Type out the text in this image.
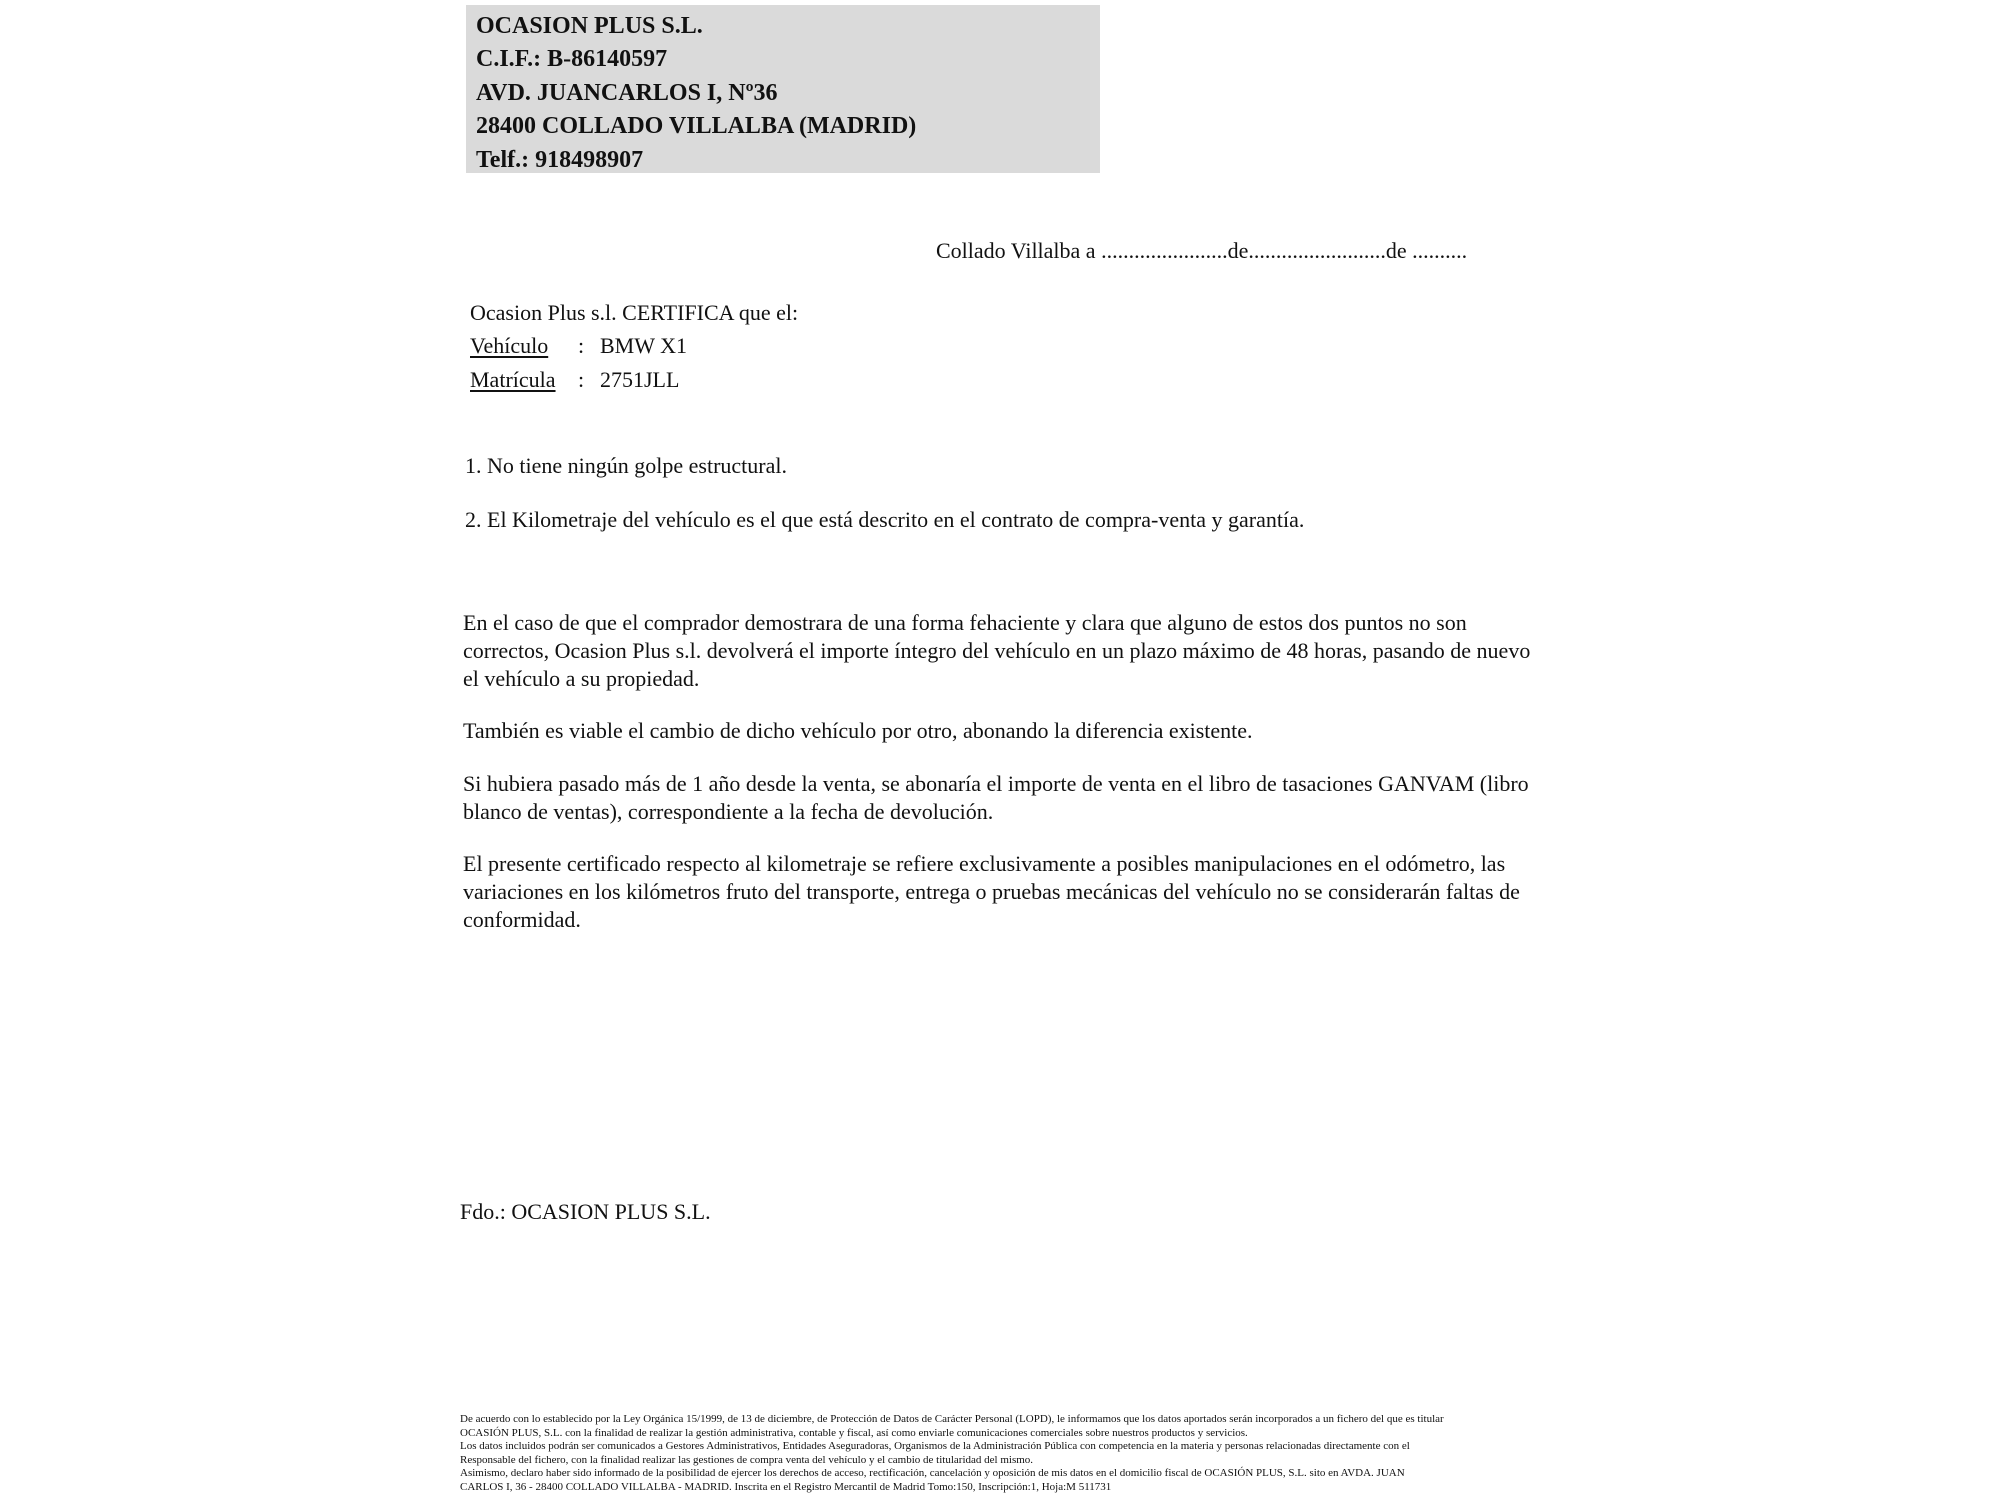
OCASION PLUS S.L.
C.I.F.: B-86140597
AVD. JUANCARLOS I, Nº36
28400 COLLADO VILLALBA (MADRID)
Telf.: 918498907
Collado Villalba a .......................de.........................de ..........
Ocasion Plus s.l. CERTIFICA que el:
Vehículo	: BMW X1
Matrícula	: 2751JLL
1. No tiene ningún golpe estructural.
2. El Kilometraje del vehículo es el que está descrito en el contrato de compra-venta y garantía.
En el caso de que el comprador demostrara de una forma fehaciente y clara que alguno de estos dos puntos no son correctos, Ocasion Plus s.l. devolverá el importe íntegro del vehículo en un plazo máximo de 48 horas, pasando de nuevo el vehículo a su propiedad.
También es viable el cambio de dicho vehículo por otro, abonando la diferencia existente.
Si hubiera pasado más de 1 año desde la venta, se abonaría el importe de venta en el libro de tasaciones GANVAM (libro blanco de ventas), correspondiente a la fecha de devolución.
El presente certificado respecto al kilometraje se refiere exclusivamente a posibles manipulaciones en el odómetro, las variaciones en los kilómetros fruto del transporte, entrega o pruebas mecánicas del vehículo no se considerarán faltas de conformidad.
Fdo.: OCASION PLUS S.L.
De acuerdo con lo establecido por la Ley Orgánica 15/1999, de 13 de diciembre, de Protección de Datos de Carácter Personal (LOPD), le informamos que los datos aportados serán incorporados a un fichero del que es titular
OCASIÓN PLUS, S.L. con la finalidad de realizar la gestión administrativa, contable y fiscal, así como enviarle comunicaciones comerciales sobre nuestros productos y servicios.
Los datos incluidos podrán ser comunicados a Gestores Administrativos, Entidades Aseguradoras, Organismos de la Administración Pública con competencia en la materia y personas relacionadas directamente con el
Responsable del fichero, con la finalidad realizar las gestiones de compra venta del vehículo y el cambio de titularidad del mismo.
Asimismo, declaro haber sido informado de la posibilidad de ejercer los derechos de acceso, rectificación, cancelación y oposición de mis datos en el domicilio fiscal de OCASIÓN PLUS, S.L. sito en AVDA. JUAN
CARLOS I, 36 - 28400 COLLADO VILLALBA - MADRID. Inscrita en el Registro Mercantil de Madrid Tomo:150, Inscripción:1, Hoja:M 511731
